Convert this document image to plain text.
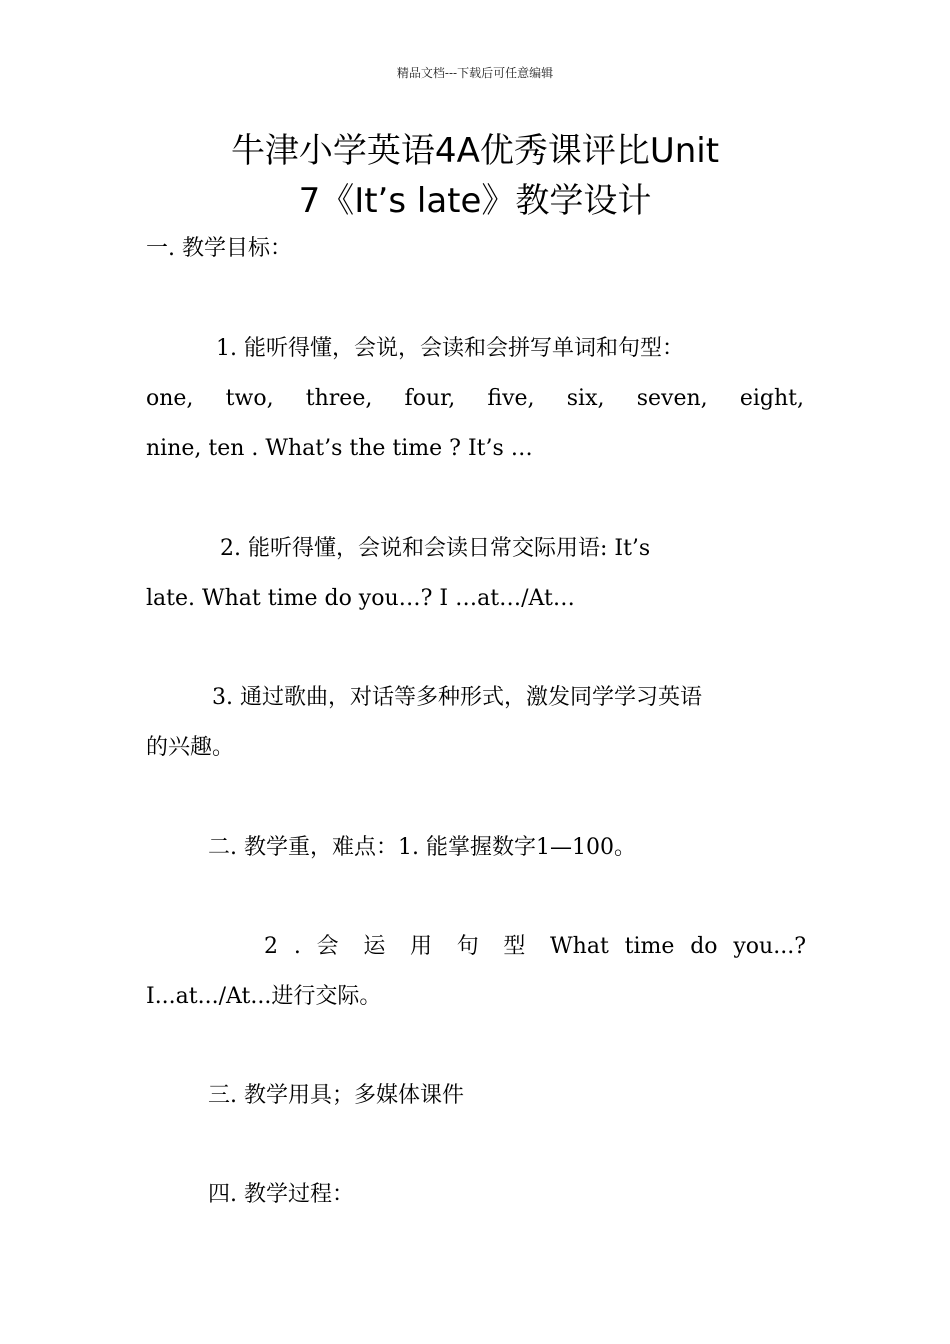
精品文档---下载后可任意编辑
牛津小学英语4A优秀课评比Unit
7《It’s late》教学设计
一. 教学目标：
1. 能听得懂，会说，会读和会拼写单词和句型：
one, two, three, four, five, six, seven, eight,
nine, ten . What’s the time ? It’s …
2. 能听得懂，会说和会读日常交际用语: It’s
late. What time do you…? I …at…/At…
3. 通过歌曲，对话等多种形式，激发同学学习英语
的兴趣。
二. 教学重，难点：1. 能掌握数字1—100。
2 . 会 运 用 句 型 What time do you...?
I...at.../At...进行交际。
三. 教学用具；多媒体课件
四. 教学过程：
